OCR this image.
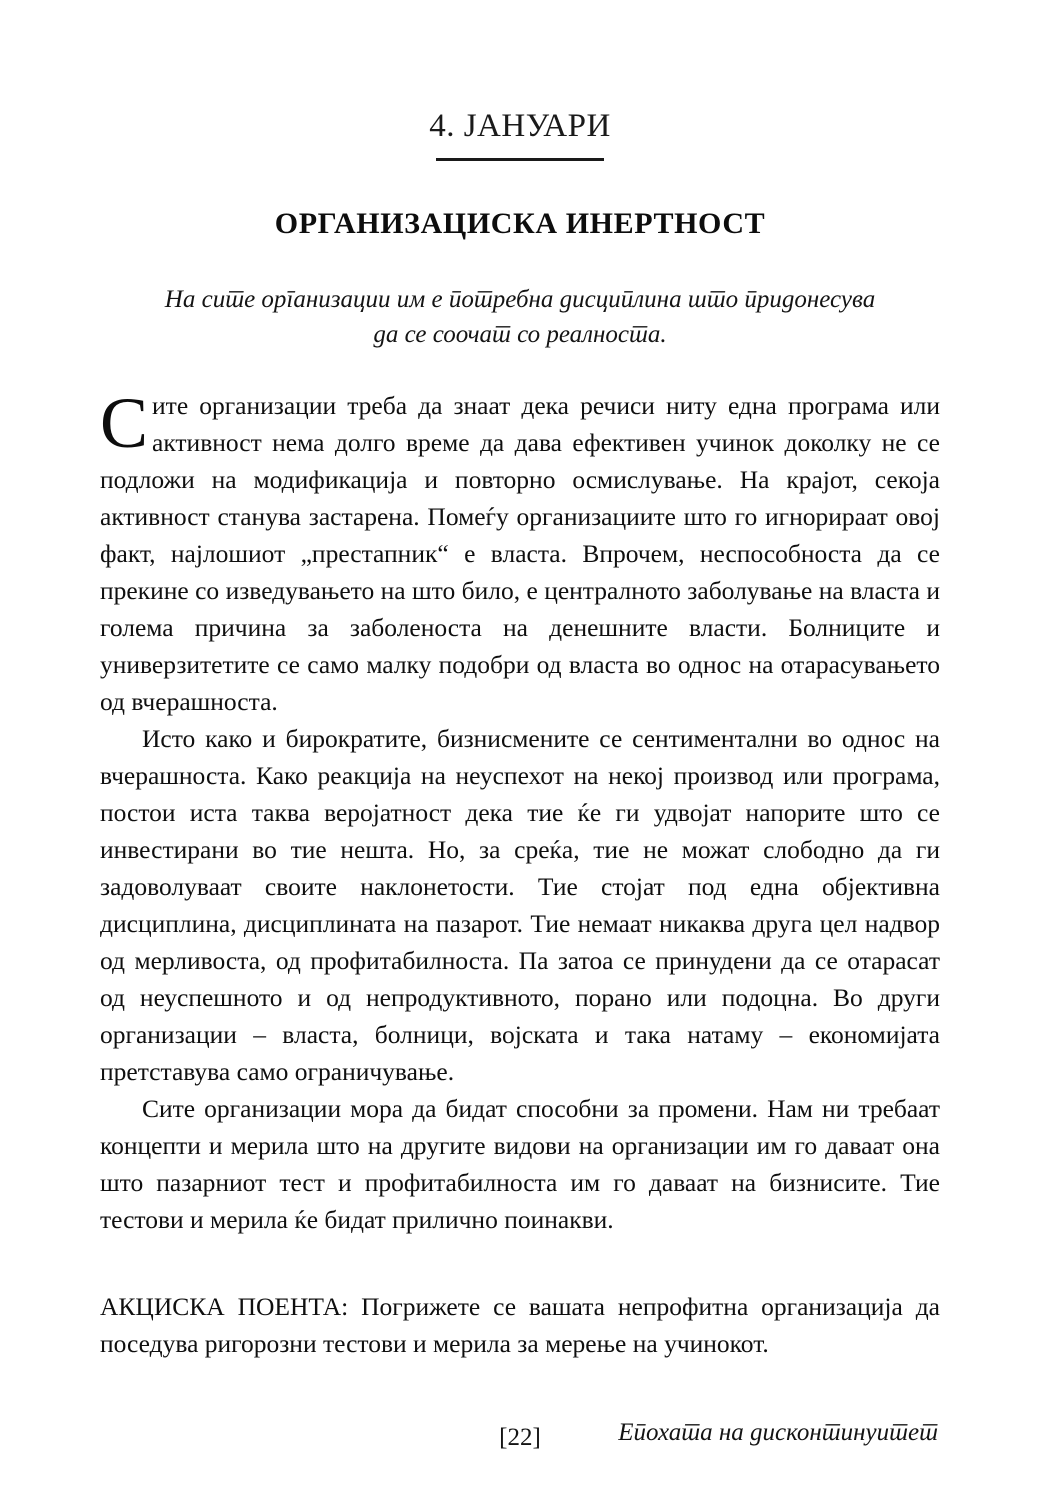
4. ЈАНУАРИ
ОРГАНИЗАЦИСКА ИНЕРТНОСТ
На сите организации им е потребна дисциплина што придонесува
да се соочат со реалноста.

Сите организации треба да знаат дека речиси ниту една програма или активност нема долго време да дава ефективен учинок доколку не се подложи на модификација и повторно осмислување. На крајот, секоја активност станува застарена. Помеѓу организациите што го игнорираат овој факт, најлошиот „престапник“ е власта. Впрочем, неспособноста да се прекине со изведувањето на што било, е централното заболување на власта и голема причина за заболеноста на денешните власти. Болниците и универзитетите се само малку подобри од власта во однос на отарасувањето од вчерашноста.

Исто како и бирократите, бизнисмените се сентиментални во однос на вчерашноста. Како реакција на неуспехот на некој производ или програма, постои иста таква веројатност дека тие ќе ги удвојат напорите што се инвестирани во тие нешта. Но, за среќа, тие не можат слободно да ги задоволуваат своите наклонетости. Тие стојат под една објективна дисциплина, дисциплината на пазарот. Тие немаат никаква друга цел надвор од мерливоста, од профитабилноста. Па затоа се принудени да се отарасат од неуспешното и од непродуктивното, порано или подоцна. Во други организации – власта, болници, војската и така натаму – економијата претставува само ограничување.

Сите организации мора да бидат способни за промени. Нам ни требаат концепти и мерила што на другите видови на организации им го даваат она што пазарниот тест и профитабилноста им го даваат на бизнисите. Тие тестови и мерила ќе бидат прилично поинакви.

АКЦИСКА ПОЕНТА: Погрижете се вашата непрофитна организација да поседува ригорозни тестови и мерила за мерење на учинокот.
Епохата на дисконтинуитет
[22]
